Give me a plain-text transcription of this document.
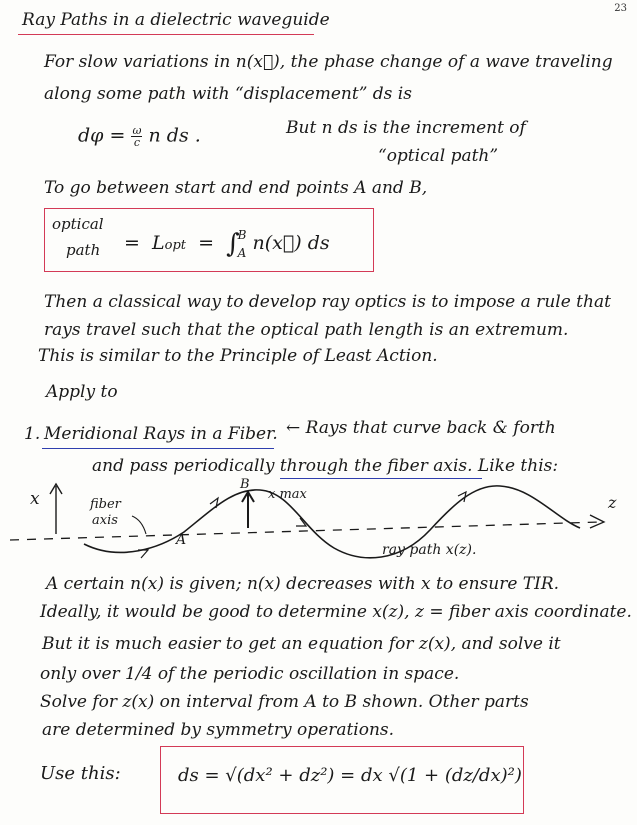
23
Ray Paths in a dielectric waveguide
For slow variations in n(x⃗), the phase change of a wave traveling
along some path with “displacement” ds is
$d\varphi = \frac{\omega}{c}$ n ds .	But n ds is the increment of
“optical path”
To go between start and end points A and B,
optical
path =  Lopt  =  ∫
B
A n(x⃗) ds
Then a classical way to develop ray optics is to impose a rule that
rays travel such that the optical path length is an extremum.
This is similar to the Principle of Least Action.
Apply to
1. Meridional Rays in a Fiber. ← Rays that curve back & forth
and pass periodically through the fiber axis. Like this:
x	z
fiber
axis
B
x max
A
ray path x(z).
A certain n(x) is given; n(x) decreases with x to ensure TIR.
Ideally, it would be good to determine x(z), z = fiber axis coordinate.
But it is much easier to get an equation for z(x), and solve it
only over 1/4 of the periodic oscillation in space.
Solve for z(x) on interval from A to B shown. Other parts
are determined by symmetry operations.
Use this:	ds = √(dx² + dz²) = dx √(1 + (dz/dx)²)
